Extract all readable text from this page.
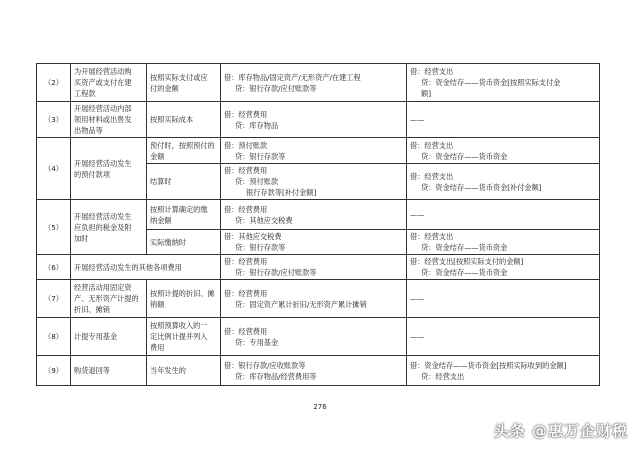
（2）	为开展经营活动购
买资产或支付在建
工程款	按照实际支付或应
付的金额	借：库存物品/固定资产/无形资产/在建工程
贷：银行存款/应付账款等	借：经营支出
贷：资金结存——货币资金[按照实际支付金
额]

（3）	开展经营活动内部
领用材料或出售发
出物品等	按照实际成本	借：经营费用
贷：库存物品	——

（4）	开展经营活动发生
的预付款项	预付时，按照预付的
金额	借：预付账款
贷：银行存款等	借：经营支出
贷：资金结存——货币资金

		结算时	借：经营费用
贷：预付账款
银行存款等[补付金额]	借：经营支出
贷：资金结存——货币资金[补付金额]

（5）	开展经营活动发生
应负担的税金及附
加时	按照计算确定的缴
纳金额	借：经营费用
贷：其他应交税费	——

		实际缴纳时	借：其他应交税费
贷：银行存款等	借：经营支出
贷：资金结存——货币资金

（6）	开展经营活动发生的其他各项费用		借：经营费用
贷：银行存款/应付账款等	借：经营支出[按照实际支付的金额]
贷：资金结存——货币资金

（7）	经营活动用固定资
产、无形资产计提的
折旧、摊销	按照计提的折旧、摊
销额	借：经营费用
贷：固定资产累计折旧/无形资产累计摊销	——

（8）	计提专用基金	按照预算收入的一
定比例计提并列入
费用	借：经营费用
贷：专用基金	——

（9）	购货退回等	当年发生的	借：银行存款/应收账款等
贷：库存物品/经营费用等	借：资金结存——货币资金[按照实际收到的金额]
贷：经营支出
276
头条 @惠万企财税
